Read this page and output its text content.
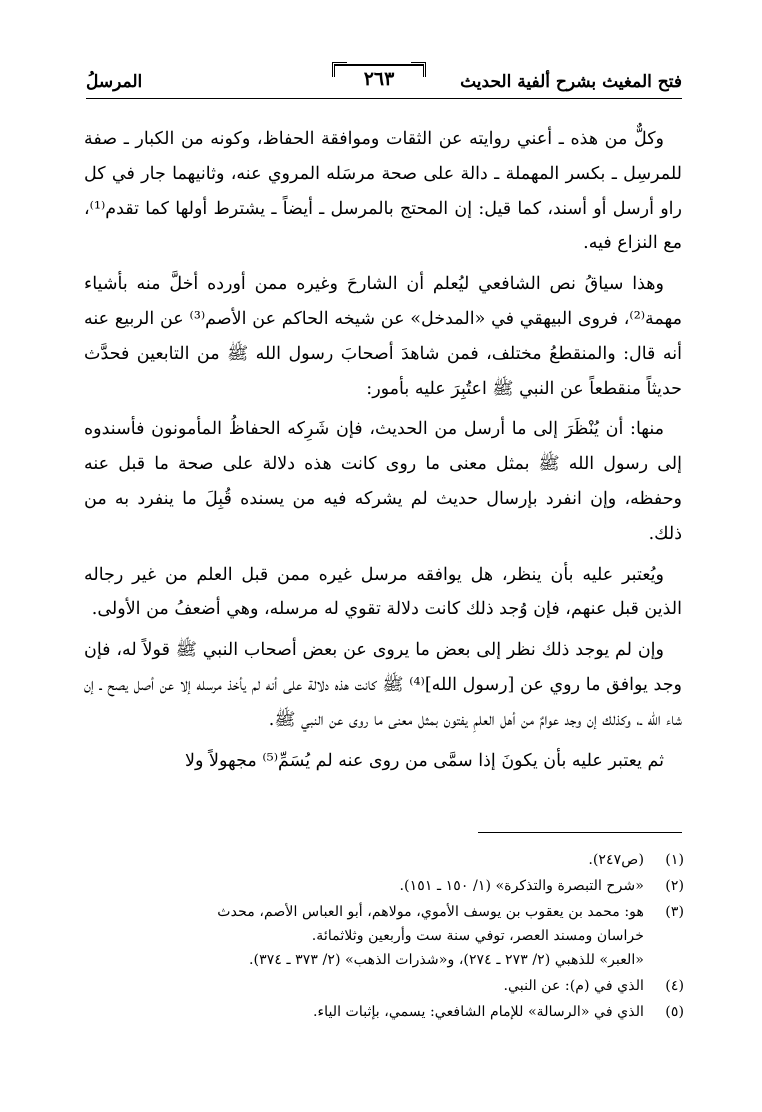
فتح المغيث بشرح ألفية الحديث
٢٦٣
المرسلُ

وكلٌّ من هذه ـ أعني روايته عن الثقات وموافقة الحفاظ، وكونه من الكبار ـ صفة للمرسِل ـ بكسر المهملة ـ دالة على صحة مرسَله المروي عنه، وثانيهما جار في كل راو أرسل أو أسند، كما قيل: إن المحتج بالمرسل ـ أيضاً ـ يشترط أولها كما تقدم⁽¹⁾، مع النزاع فيه.

وهذا سياقُ نص الشافعي ليُعلم أن الشارحَ وغيره ممن أورده أخلَّ منه بأشياء مهمة⁽²⁾، فروى البيهقي في «المدخل» عن شيخه الحاكم عن الأصم⁽³⁾ عن الربيع عنه أنه قال: والمنقطعُ مختلف، فمن شاهدَ أصحابَ رسول الله ﷺ من التابعين فحدَّث حديثاً منقطعاً عن النبي ﷺ اعتُبِرَ عليه بأمور:

منها: أن يُنْظَرَ إلى ما أرسل من الحديث، فإن شَرِكه الحفاظُ المأمونون فأسندوه إلى رسول الله ﷺ بمثل معنى ما روى كانت هذه دلالة على صحة ما قبل عنه وحفظه، وإن انفرد بإرسال حديث لم يشركه فيه من يسنده قُبِلَ ما ينفرد به من ذلك.

ويُعتبر عليه بأن ينظر، هل يوافقه مرسل غيره ممن قبل العلم من غير رجاله الذين قبل عنهم، فإن وُجد ذلك كانت دلالة تقوي له مرسله، وهي أضعفُ من الأولى.

وإن لم يوجد ذلك نظر إلى بعض ما يروى عن بعض أصحاب النبي ﷺ قولاً له، فإن وجد يوافق ما روي عن [رسول الله]⁽⁴⁾ ﷺ كانت هذه دلالة على أنه لم يأخذ مرسله إلا عن أصل يصح ـ إن شاء الله ـ، وكذلك إن وجد عوامٌ من أهل العلمِ يفتون بمثل معنى ما روى عن النبي ﷺ.

ثم يعتبر عليه بأن يكونَ إذا سمَّى من روى عنه لم يُسَمِّ⁽⁵⁾ مجهولاً ولا

(١)
(ص٢٤٧).
(٢)
«شرح التبصرة والتذكرة» (١/ ١٥٠ ـ ١٥١).
(٣)
هو: محمد بن يعقوب بن يوسف الأموي، مولاهم، أبو العباس الأصم، محدث
خراسان ومسند العصر، توفي سنة ست وأربعين وثلاثمائة.
«العبر» للذهبي (٢/ ٢٧٣ ـ ٢٧٤)، و«شذرات الذهب» (٢/ ٣٧٣ ـ ٣٧٤).
(٤)
الذي في (م): عن النبي.
(٥)
الذي في «الرسالة» للإمام الشافعي: يسمي، بإثبات الياء.
